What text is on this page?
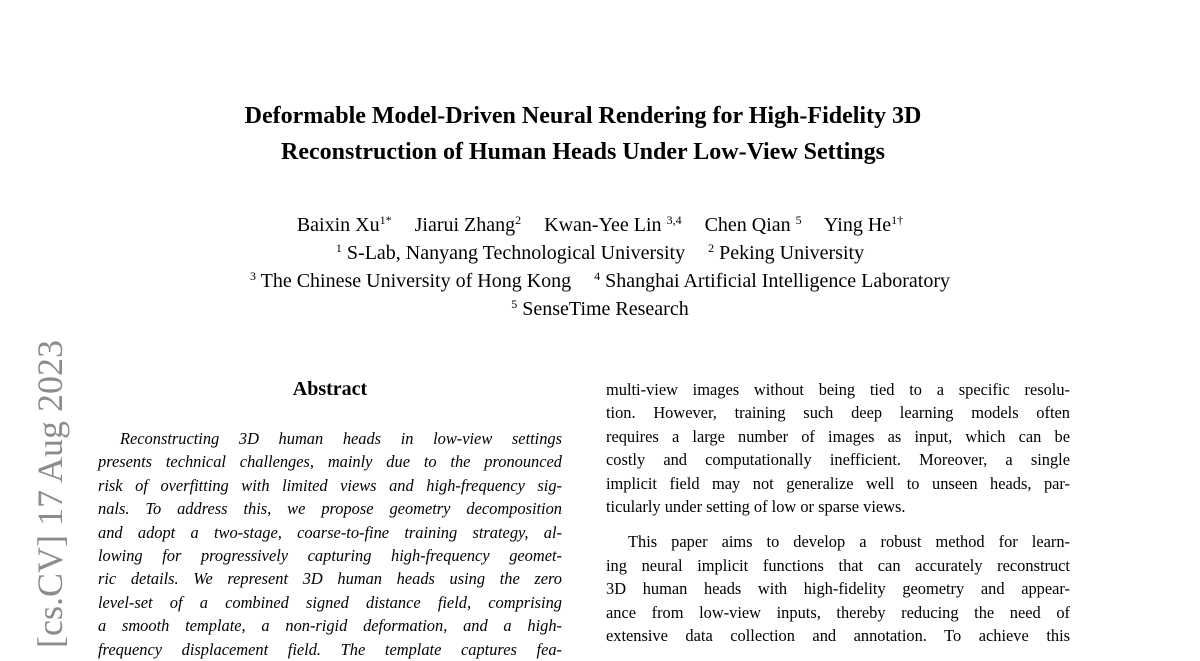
[cs.CV] 17 Aug 2023
Deformable Model-Driven Neural Rendering for High-Fidelity 3D
Reconstruction of Human Heads Under Low-View Settings
Baixin $Xu^{1*}$ Jiarui Zhang$^2$ Kwan-Yee Lin $^{3,4}$ Chen Qian $^5$ Ying $He^{1\dagger}$
$^1$ S-Lab, Nanyang Technological University $^2$ Peking University
$^3$ The Chinese University of Hong Kong $^4$ Shanghai Artificial Intelligence Laboratory
$^5$ SenseTime Research
Abstract
Reconstructing 3D human heads in low-view settings
presents technical challenges, mainly due to the pronounced
risk of overfitting with limited views and high-frequency sig-
nals. To address this, we propose geometry decomposition
and adopt a two-stage, coarse-to-fine training strategy, al-
lowing for progressively capturing high-frequency geomet-
ric details. We represent 3D human heads using the zero
level-set of a combined signed distance field, comprising
a smooth template, a non-rigid deformation, and a high-
frequency displacement field. The template captures fea-
multi-view images without being tied to a specific resolu-
tion. However, training such deep learning models often
requires a large number of images as input, which can be
costly and computationally inefficient. Moreover, a single
implicit field may not generalize well to unseen heads, par-
ticularly under setting of low or sparse views.
This paper aims to develop a robust method for learn-
ing neural implicit functions that can accurately reconstruct
3D human heads with high-fidelity geometry and appear-
ance from low-view inputs, thereby reducing the need of
extensive data collection and annotation. To achieve this
